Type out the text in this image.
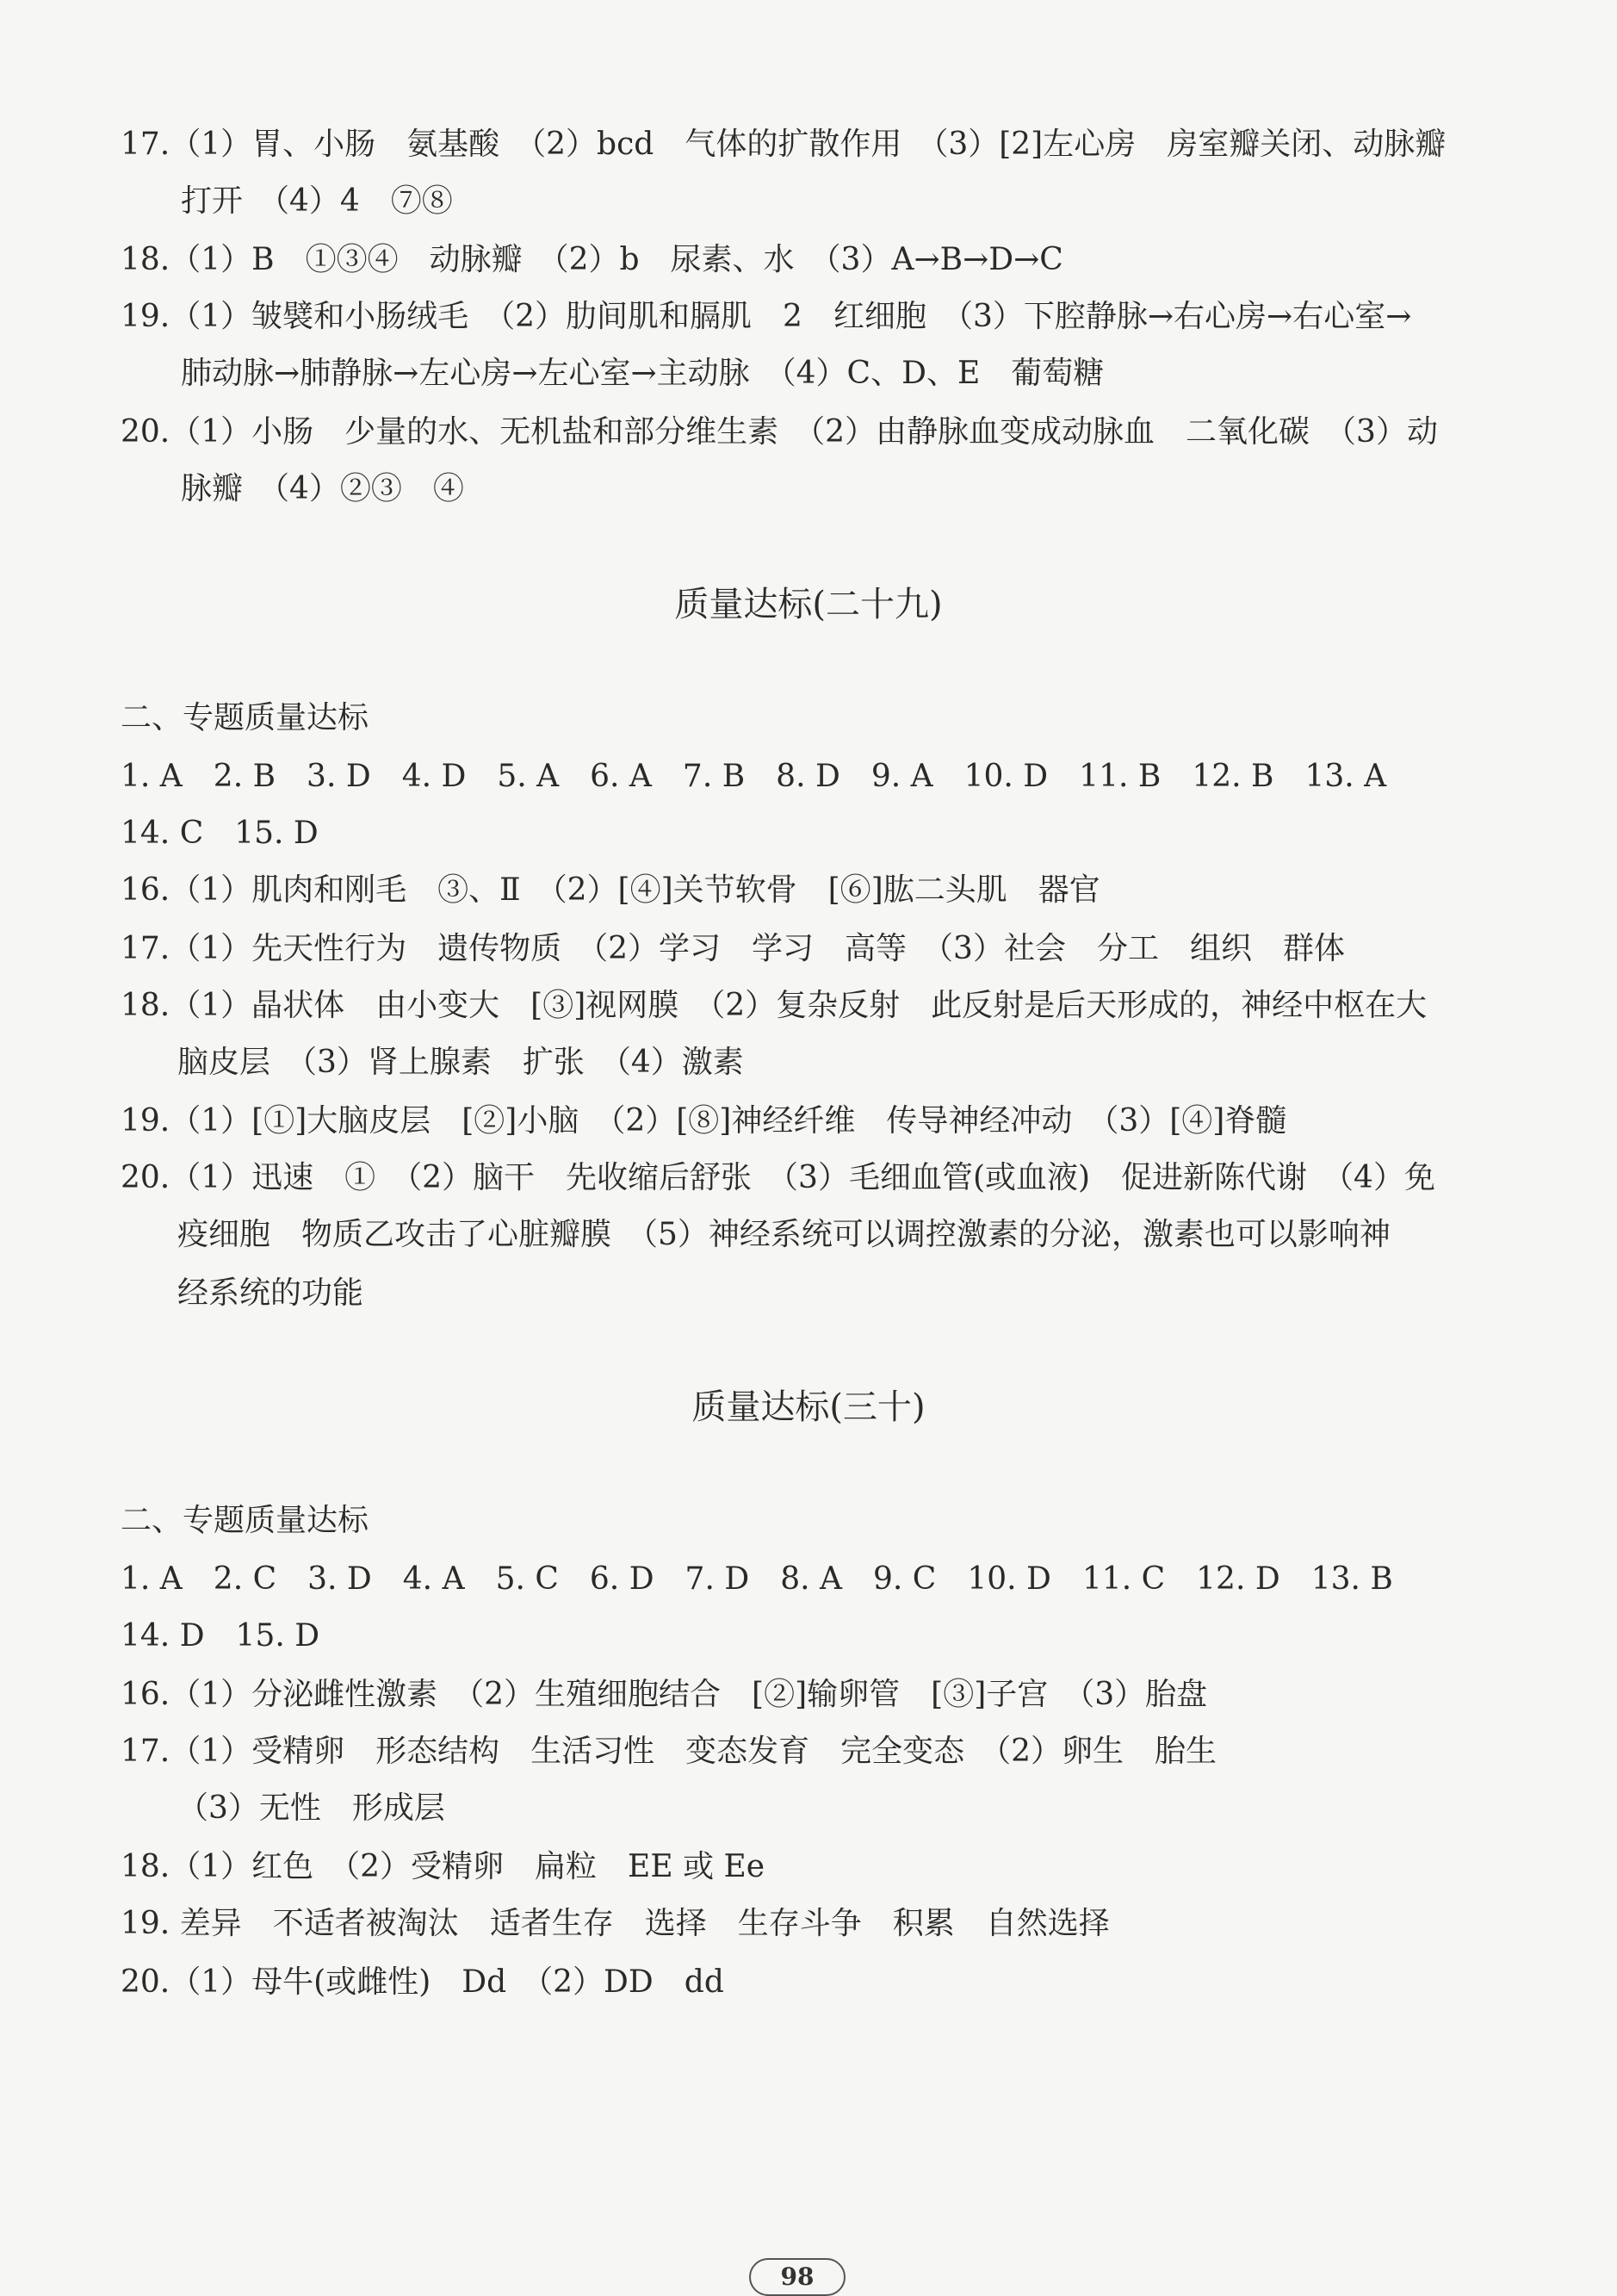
17.（1）胃、小肠　氨基酸　（2）bcd　气体的扩散作用　（3）[2]左心房　房室瓣关闭、动脉瓣
打开　（4）4　⑦⑧
18.（1）B　①③④　动脉瓣　（2）b　尿素、水　（3）A→B→D→C
19.（1）皱襞和小肠绒毛　（2）肋间肌和膈肌　2　红细胞　（3）下腔静脉→右心房→右心室→
肺动脉→肺静脉→左心房→左心室→主动脉　（4）C、D、E　葡萄糖
20.（1）小肠　少量的水、无机盐和部分维生素　（2）由静脉血变成动脉血　二氧化碳　（3）动
脉瓣　（4）②③　④
质量达标(二十九)
二、专题质量达标
1. A　2. B　3. D　4. D　5. A　6. A　7. B　8. D　9. A　10. D　11. B　12. B　13. A
14. C　15. D
16.（1）肌肉和刚毛　③、Ⅱ　（2）[④]关节软骨　[⑥]肱二头肌　器官
17.（1）先天性行为　遗传物质　（2）学习　学习　高等　（3）社会　分工　组织　群体
18.（1）晶状体　由小变大　[③]视网膜　（2）复杂反射　此反射是后天形成的，神经中枢在大
脑皮层　（3）肾上腺素　扩张　（4）激素
19.（1）[①]大脑皮层　[②]小脑　（2）[⑧]神经纤维　传导神经冲动　（3）[④]脊髓
20.（1）迅速　①　（2）脑干　先收缩后舒张　（3）毛细血管(或血液)　促进新陈代谢　（4）免
疫细胞　物质乙攻击了心脏瓣膜　（5）神经系统可以调控激素的分泌，激素也可以影响神
经系统的功能
质量达标(三十)
二、专题质量达标
1. A　2. C　3. D　4. A　5. C　6. D　7. D　8. A　9. C　10. D　11. C　12. D　13. B
14. D　15. D
16.（1）分泌雌性激素　（2）生殖细胞结合　[②]输卵管　[③]子宫　（3）胎盘
17.（1）受精卵　形态结构　生活习性　变态发育　完全变态　（2）卵生　胎生
（3）无性　形成层
18.（1）红色　（2）受精卵　扁粒　EE 或 Ee
19. 差异　不适者被淘汰　适者生存　选择　生存斗争　积累　自然选择
20.（1）母牛(或雌性)　Dd　（2）DD　dd
98
